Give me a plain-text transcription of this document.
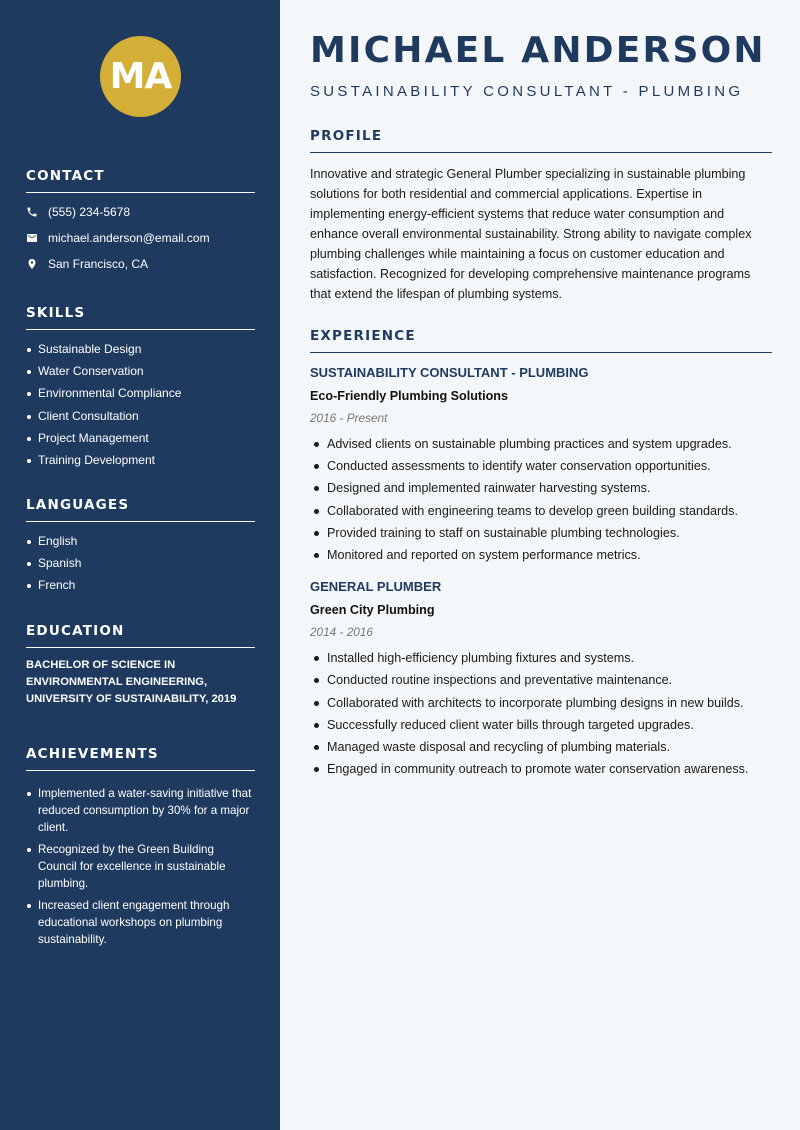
MA
CONTACT
(555) 234-5678
michael.anderson@email.com
San Francisco, CA
SKILLS
Sustainable Design
Water Conservation
Environmental Compliance
Client Consultation
Project Management
Training Development
LANGUAGES
English
Spanish
French
EDUCATION
BACHELOR OF SCIENCE IN ENVIRONMENTAL ENGINEERING, UNIVERSITY OF SUSTAINABILITY, 2019
ACHIEVEMENTS
Implemented a water-saving initiative that reduced consumption by 30% for a major client.
Recognized by the Green Building Council for excellence in sustainable plumbing.
Increased client engagement through educational workshops on plumbing sustainability.
MICHAEL ANDERSON
SUSTAINABILITY CONSULTANT - PLUMBING
PROFILE
Innovative and strategic General Plumber specializing in sustainable plumbing solutions for both residential and commercial applications. Expertise in implementing energy-efficient systems that reduce water consumption and enhance overall environmental sustainability. Strong ability to navigate complex plumbing challenges while maintaining a focus on customer education and satisfaction. Recognized for developing comprehensive maintenance programs that extend the lifespan of plumbing systems.
EXPERIENCE
SUSTAINABILITY CONSULTANT - PLUMBING
Eco-Friendly Plumbing Solutions
2016 - Present
Advised clients on sustainable plumbing practices and system upgrades.
Conducted assessments to identify water conservation opportunities.
Designed and implemented rainwater harvesting systems.
Collaborated with engineering teams to develop green building standards.
Provided training to staff on sustainable plumbing technologies.
Monitored and reported on system performance metrics.
GENERAL PLUMBER
Green City Plumbing
2014 - 2016
Installed high-efficiency plumbing fixtures and systems.
Conducted routine inspections and preventative maintenance.
Collaborated with architects to incorporate plumbing designs in new builds.
Successfully reduced client water bills through targeted upgrades.
Managed waste disposal and recycling of plumbing materials.
Engaged in community outreach to promote water conservation awareness.
